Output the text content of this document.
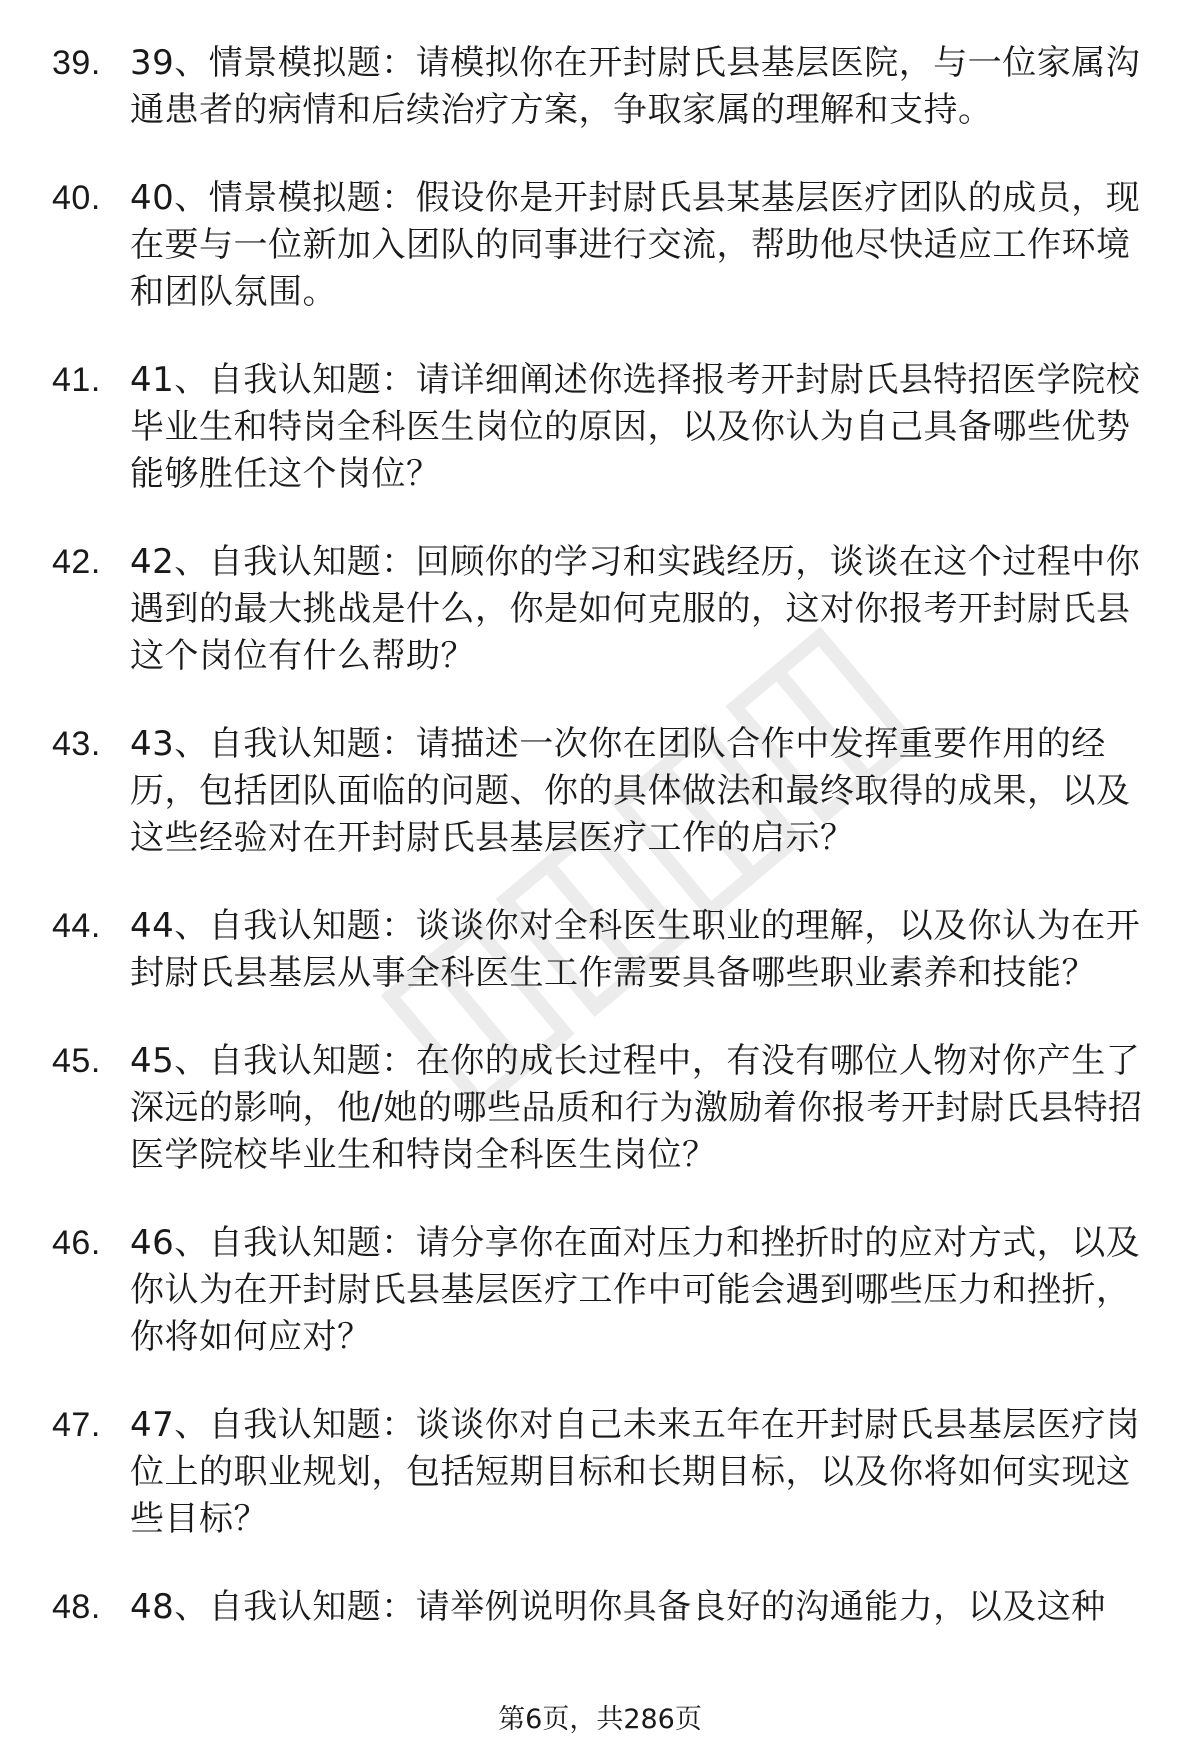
39. 39、情景模拟题：请模拟你在开封尉氏县基层医院，与一位家属沟通患者的病情和后续治疗方案，争取家属的理解和支持。
40. 40、情景模拟题：假设你是开封尉氏县某基层医疗团队的成员，现在要与一位新加入团队的同事进行交流，帮助他尽快适应工作环境和团队氛围。
41. 41、自我认知题：请详细阐述你选择报考开封尉氏县特招医学院校毕业生和特岗全科医生岗位的原因，以及你认为自己具备哪些优势能够胜任这个岗位？
42. 42、自我认知题：回顾你的学习和实践经历，谈谈在这个过程中你遇到的最大挑战是什么，你是如何克服的，这对你报考开封尉氏县这个岗位有什么帮助？
43. 43、自我认知题：请描述一次你在团队合作中发挥重要作用的经历，包括团队面临的问题、你的具体做法和最终取得的成果，以及这些经验对在开封尉氏县基层医疗工作的启示？
44. 44、自我认知题：谈谈你对全科医生职业的理解，以及你认为在开封尉氏县基层从事全科医生工作需要具备哪些职业素养和技能？
45. 45、自我认知题：在你的成长过程中，有没有哪位人物对你产生了深远的影响，他/她的哪些品质和行为激励着你报考开封尉氏县特招医学院校毕业生和特岗全科医生岗位？
46. 46、自我认知题：请分享你在面对压力和挫折时的应对方式，以及你认为在开封尉氏县基层医疗工作中可能会遇到哪些压力和挫折，你将如何应对？
47. 47、自我认知题：谈谈你对自己未来五年在开封尉氏县基层医疗岗位上的职业规划，包括短期目标和长期目标，以及你将如何实现这些目标？
48. 48、自我认知题：请举例说明你具备良好的沟通能力，以及这种
第6页，共286页
